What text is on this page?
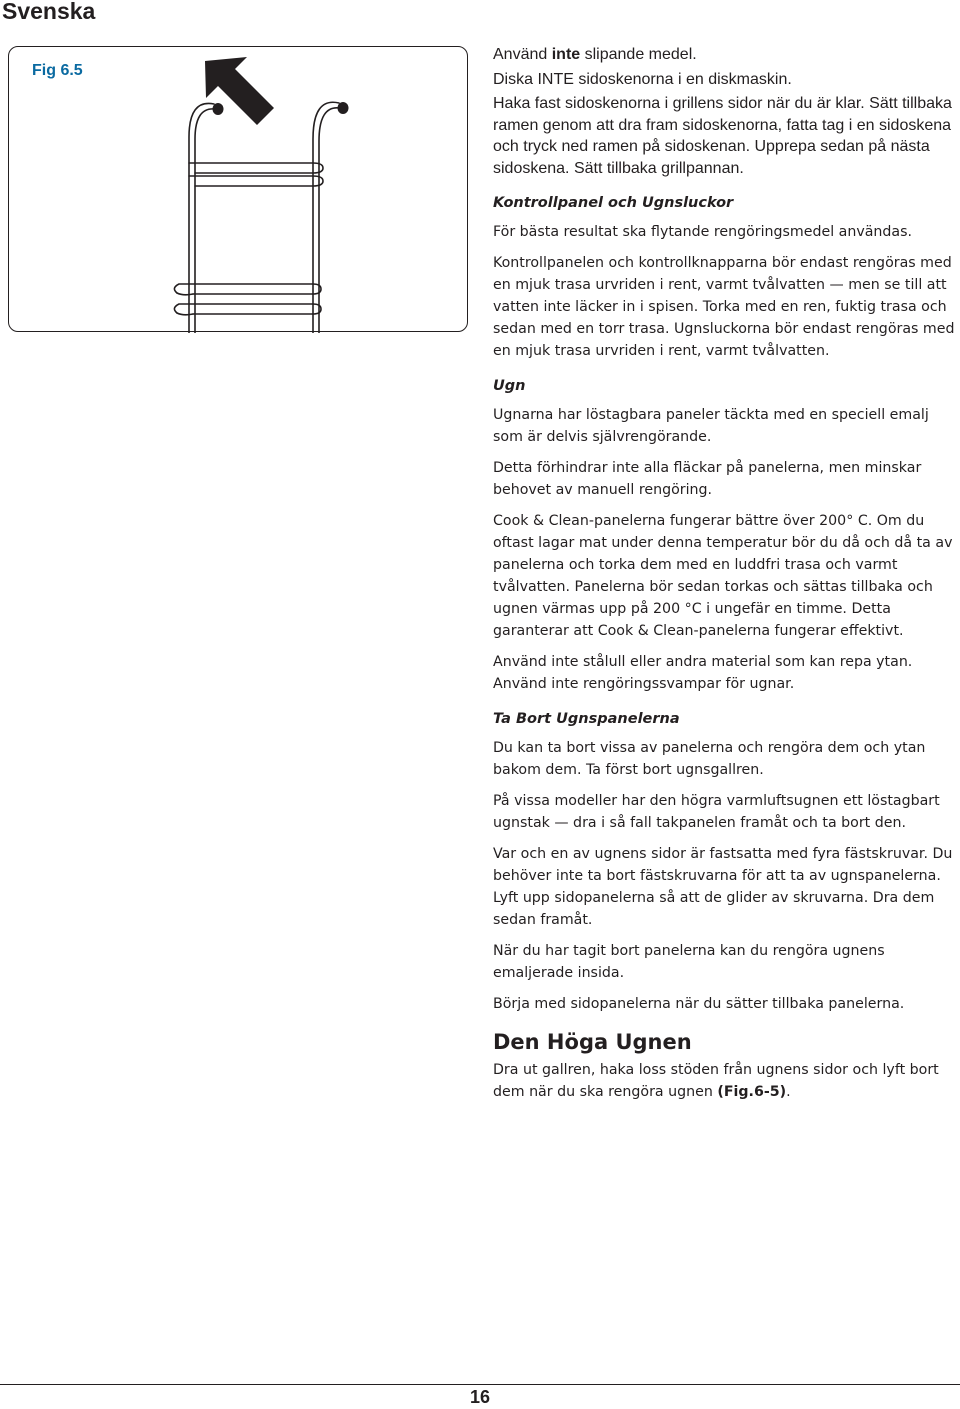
Svenska
Fig 6.5

Använd inte slipande medel.

Diska INTE sidoskenorna i en diskmaskin.

Haka fast sidoskenorna i grillens sidor när du är klar. Sätt tillbaka ramen genom att dra fram sidoskenorna, fatta tag i en sidoskena och tryck ned ramen på sidoskenan. Upprepa sedan på nästa sidoskena. Sätt tillbaka grillpannan.

Kontrollpanel och Ugnsluckor

För bästa resultat ska flytande rengöringsmedel användas.

Kontrollpanelen och kontrollknapparna bör endast rengöras med en mjuk trasa urvriden i rent, varmt tvålvatten — men se till att vatten inte läcker in i spisen. Torka med en ren, fuktig trasa och sedan med en torr trasa. Ugnsluckorna bör endast rengöras med en mjuk trasa urvriden i rent, varmt tvålvatten.

Ugn

Ugnarna har löstagbara paneler täckta med en speciell emalj som är delvis självrengörande.

Detta förhindrar inte alla fläckar på panelerna, men minskar behovet av manuell rengöring.

Cook & Clean-panelerna fungerar bättre över 200° C. Om du oftast lagar mat under denna temperatur bör du då och då ta av panelerna och torka dem med en luddfri trasa och varmt tvålvatten. Panelerna bör sedan torkas och sättas tillbaka och ugnen värmas upp på 200 °C i ungefär en timme. Detta garanterar att Cook & Clean-panelerna fungerar effektivt.

Använd inte stålull eller andra material som kan repa ytan. Använd inte rengöringssvampar för ugnar.

Ta Bort Ugnspanelerna

Du kan ta bort vissa av panelerna och rengöra dem och ytan bakom dem. Ta först bort ugnsgallren.

På vissa modeller har den högra varmluftsugnen ett löstagbart ugnstak — dra i så fall takpanelen framåt och ta bort den.

Var och en av ugnens sidor är fastsatta med fyra fästskruvar. Du behöver inte ta bort fästskruvarna för att ta av ugnspanelerna. Lyft upp sidopanelerna så att de glider av skruvarna. Dra dem sedan framåt.

När du har tagit bort panelerna kan du rengöra ugnens emaljerade insida.

Börja med sidopanelerna när du sätter tillbaka panelerna.

Den Höga Ugnen

Dra ut gallren, haka loss stöden från ugnens sidor och lyft bort dem när du ska rengöra ugnen (Fig.6-5).

16
